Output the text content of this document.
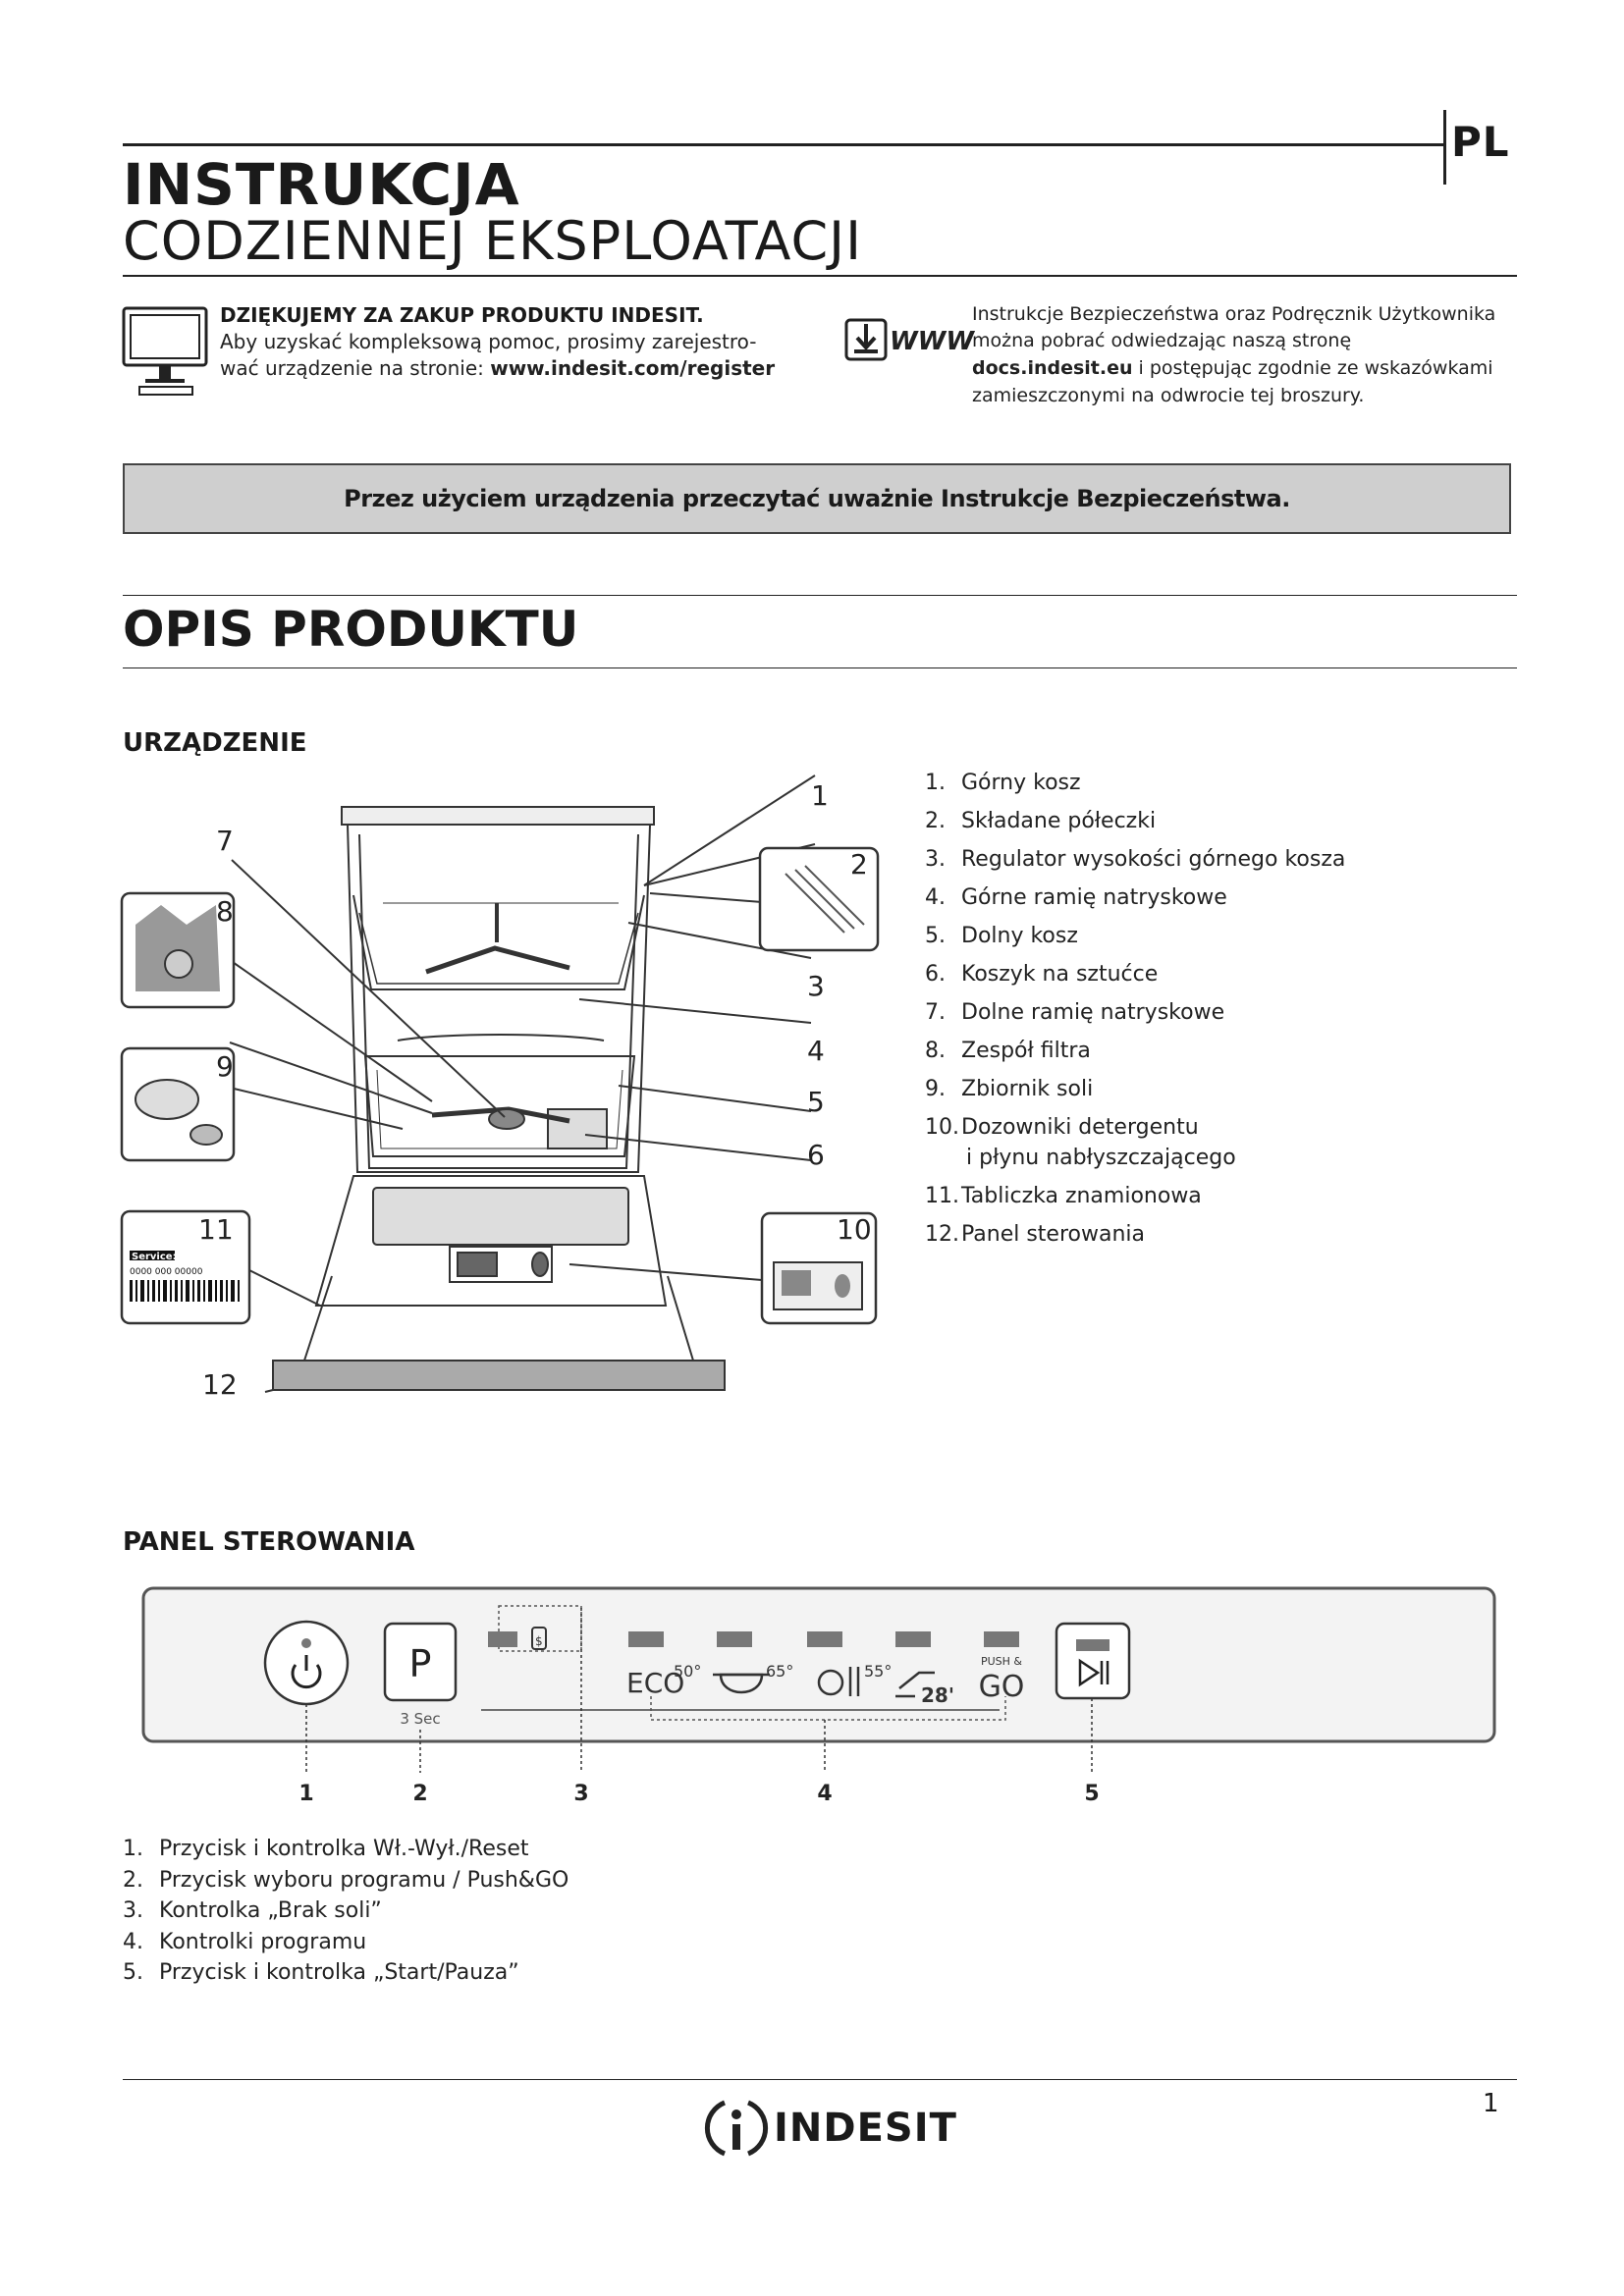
PL
INSTRUKCJA
CODZIENNEJ EKSPLOATACJI
DZIĘKUJEMY ZA ZAKUP PRODUKTU INDESIT.
Aby uzyskać kompleksową pomoc, prosimy zarejestro-
wać urządzenie na stronie: www.indesit.com/register
WWW
Instrukcje Bezpieczeństwa oraz Podręcznik Użytkownika
można pobrać odwiedzając naszą stronę
docs.indesit.eu i postępując zgodnie ze wskazówkami
zamieszczonymi na odwrocie tej broszury.
Przez użyciem urządzenia przeczytać uważnie Instrukcje Bezpieczeństwa.
OPIS PRODUKTU
URZĄDZENIE
Service:
0000 000 00000
1
2
3
4
5
6
7
8
9
10
11
12
1. Górny kosz
2. Składane półeczki
3. Regulator wysokości górnego kosza
4. Górne ramię natryskowe
5. Dolny kosz
6. Koszyk na sztućce
7. Dolne ramię natryskowe
8. Zespół filtra
9. Zbiornik soli
10. Dozowniki detergentu
i płynu nabłyszczającego
11. Tabliczka znamionowa
12. Panel sterowania
PANEL STEROWANIA
P
3 Sec
$
ECO
50°	65°	55°
28'
PUSH &
GO
1	2	3	4	5
1. Przycisk i kontrolka Wł.-Wył./Reset
2. Przycisk wyboru programu / Push&GO
3. Kontrolka „Brak soli”
4. Kontrolki programu
5. Przycisk i kontrolka „Start/Pauza”
INDESIT
1
